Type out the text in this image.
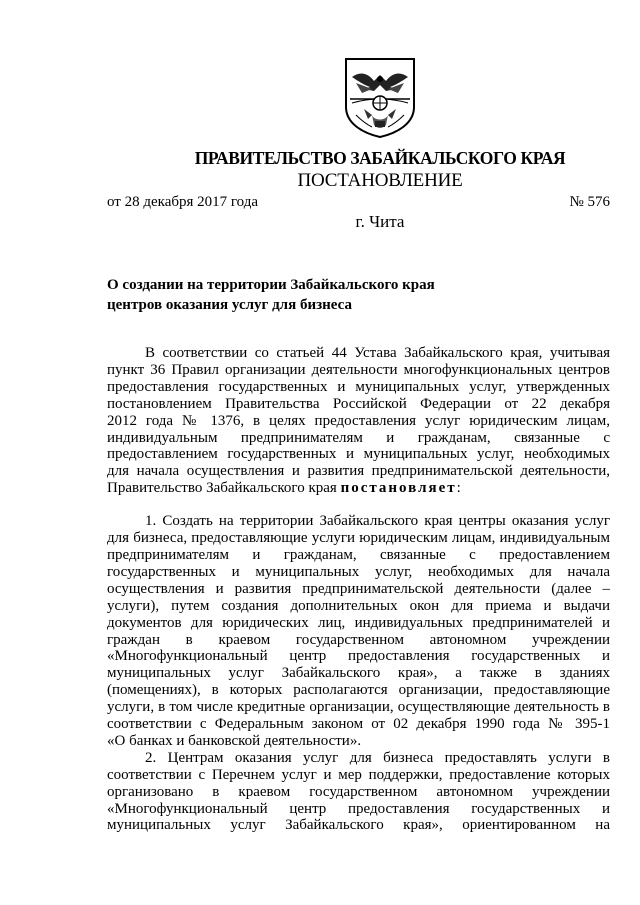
ПРАВИТЕЛЬСТВО ЗАБАЙКАЛЬСКОГО КРАЯ
ПОСТАНОВЛЕНИЕ
от 28 декабря 2017 года	№ 576
г. Чита
О создании на территории Забайкальского края
центров оказания услуг для бизнеса

В соответствии со статьей 44 Устава Забайкальского края, учитывая
пункт 36 Правил организации деятельности многофункциональных центров
предоставления государственных и муниципальных услуг, утвержденных
постановлением Правительства Российской Федерации от 22 декабря
2012 года № 1376, в целях предоставления услуг юридическим лицам,
индивидуальным предпринимателям и гражданам, связанные с
предоставлением государственных и муниципальных услуг, необходимых
для начала осуществления и развития предпринимательской деятельности,
Правительство Забайкальского края постановляет:

1. Создать на территории Забайкальского края центры оказания услуг
для бизнеса, предоставляющие услуги юридическим лицам, индивидуальным
предпринимателям и гражданам, связанные с предоставлением
государственных и муниципальных услуг, необходимых для начала
осуществления и развития предпринимательской деятельности (далее –
услуги), путем создания дополнительных окон для приема и выдачи
документов для юридических лиц, индивидуальных предпринимателей и
граждан в краевом государственном автономном учреждении
«Многофункциональный центр предоставления государственных и
муниципальных услуг Забайкальского края», а также в зданиях
(помещениях), в которых располагаются организации, предоставляющие
услуги, в том числе кредитные организации, осуществляющие деятельность в
соответствии с Федеральным законом от 02 декабря 1990 года № 395-1
«О банках и банковской деятельности».

2. Центрам оказания услуг для бизнеса предоставлять услуги в
соответствии с Перечнем услуг и мер поддержки, предоставление которых
организовано в краевом государственном автономном учреждении
«Многофункциональный центр предоставления государственных и
муниципальных услуг Забайкальского края», ориентированном на
